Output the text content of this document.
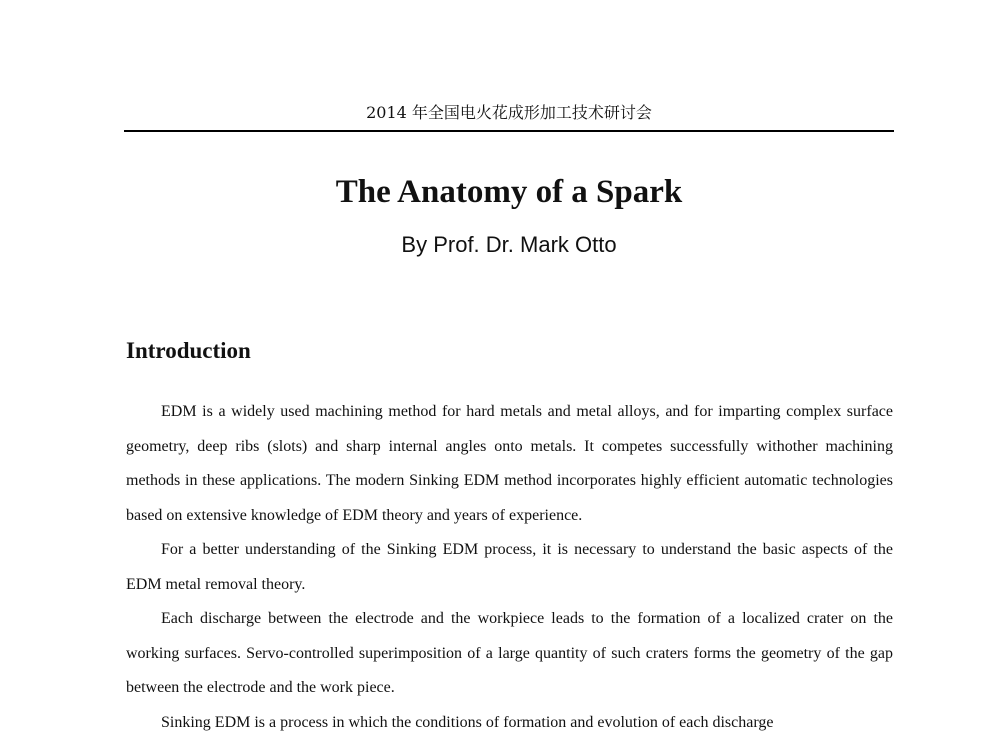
2014 年全国电火花成形加工技术研讨会
The Anatomy of a Spark
By Prof. Dr. Mark Otto
Introduction

EDM is a widely used machining method for hard metals and metal alloys, and for imparting complex surface geometry, deep ribs (slots) and sharp internal angles onto metals. It competes successfully withother machining methods in these applications. The modern Sinking EDM method incorporates highly efficient automatic technologies based on extensive knowledge of EDM theory and years of experience.

For a better understanding of the Sinking EDM process, it is necessary to understand the basic aspects of the EDM metal removal theory.

Each discharge between the electrode and the workpiece leads to the formation of a localized crater on the working surfaces. Servo-controlled superimposition of a large quantity of such craters forms the geometry of the gap between the electrode and the work piece.

Sinking EDM is a process in which the conditions of formation and evolution of each discharge
